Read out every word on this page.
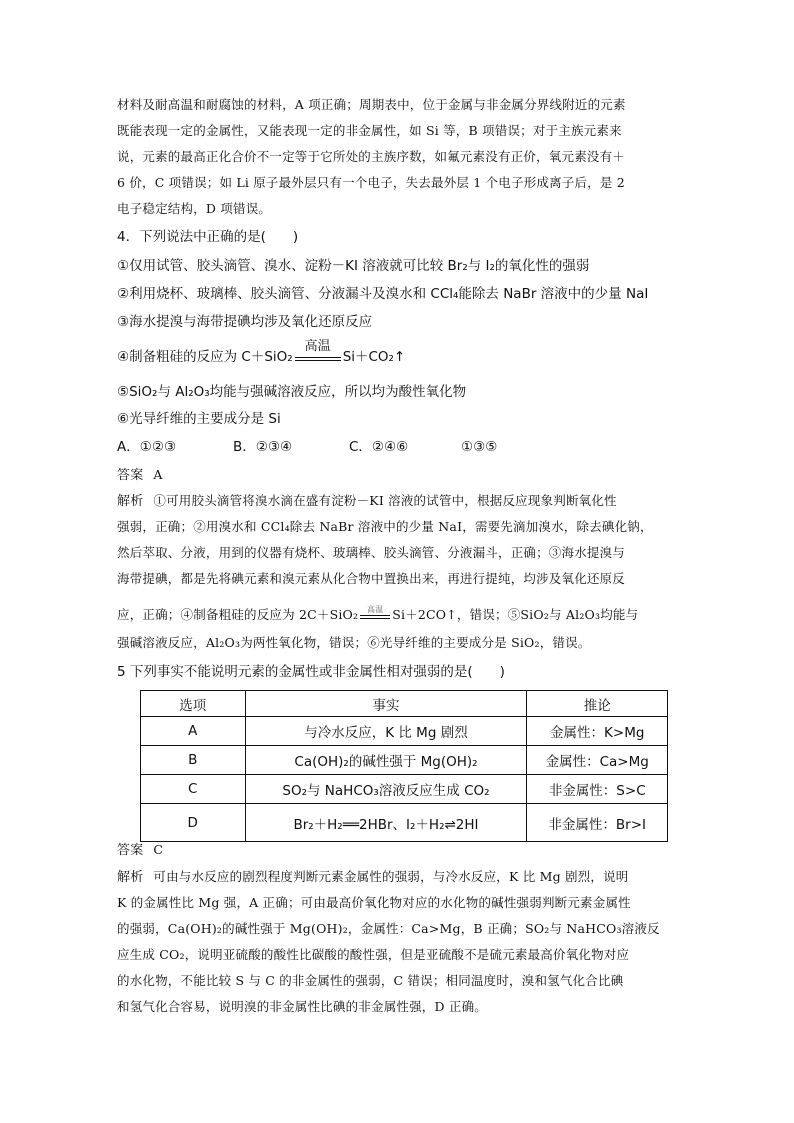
材料及耐高温和耐腐蚀的材料，A 项正确；周期表中，位于金属与非金属分界线附近的元素
既能表现一定的金属性，又能表现一定的非金属性，如 Si 等，B 项错误；对于主族元素来
说，元素的最高正化合价不一定等于它所处的主族序数，如氟元素没有正价，氧元素没有＋
6 价，C 项错误；如 Li 原子最外层只有一个电子，失去最外层 1 个电子形成离子后，是 2
电子稳定结构，D 项错误。
4．下列说法中正确的是(　　)
①仅用试管、胶头滴管、溴水、淀粉－KI 溶液就可比较 Br₂与 I₂的氧化性的强弱
②利用烧杯、玻璃棒、胶头滴管、分液漏斗及溴水和 CCl₄能除去 NaBr 溶液中的少量 NaI
③海水提溴与海带提碘均涉及氧化还原反应
④制备粗硅的反应为 C＋SiO₂
高温
Si＋CO₂↑
⑤SiO₂与 Al₂O₃均能与强碱溶液反应，所以均为酸性氧化物
⑥光导纤维的主要成分是 Si
A．①②③	B．②③④	C．②④⑥	①③⑤
答案 A
解析 ①可用胶头滴管将溴水滴在盛有淀粉－KI 溶液的试管中，根据反应现象判断氧化性
强弱，正确；②用溴水和 CCl₄除去 NaBr 溶液中的少量 NaI，需要先滴加溴水，除去碘化钠，
然后萃取、分液，用到的仪器有烧杯、玻璃棒、胶头滴管、分液漏斗，正确；③海水提溴与
海带提碘，都是先将碘元素和溴元素从化合物中置换出来，再进行提纯，均涉及氧化还原反
应，正确；④制备粗硅的反应为 2C＋SiO₂	高温 Si＋2CO↑，错误；⑤SiO₂与 Al₂O₃均能与
强碱溶液反应，Al₂O₃为两性氧化物，错误；⑥光导纤维的主要成分是 SiO₂，错误。
5 下列事实不能说明元素的金属性或非金属性相对强弱的是(　　)
选项	事实	推论
A	与冷水反应，K 比 Mg 剧烈	金属性：K>Mg
B	Ca(OH)₂的碱性强于 Mg(OH)₂	金属性：Ca>Mg
C	SO₂与 NaHCO₃溶液反应生成 CO₂	非金属性：S>C
D	Br₂＋H₂══2HBr、I₂＋H₂⇌2HI	非金属性：Br>I
答案 C
解析 可由与水反应的剧烈程度判断元素金属性的强弱，与冷水反应，K 比 Mg 剧烈，说明
K 的金属性比 Mg 强，A 正确；可由最高价氧化物对应的水化物的碱性强弱判断元素金属性
的强弱，Ca(OH)₂的碱性强于 Mg(OH)₂，金属性：Ca>Mg，B 正确；SO₂与 NaHCO₃溶液反
应生成 CO₂，说明亚硫酸的酸性比碳酸的酸性强，但是亚硫酸不是硫元素最高价氧化物对应
的水化物，不能比较 S 与 C 的非金属性的强弱，C 错误；相同温度时，溴和氢气化合比碘
和氢气化合容易，说明溴的非金属性比碘的非金属性强，D 正确。
